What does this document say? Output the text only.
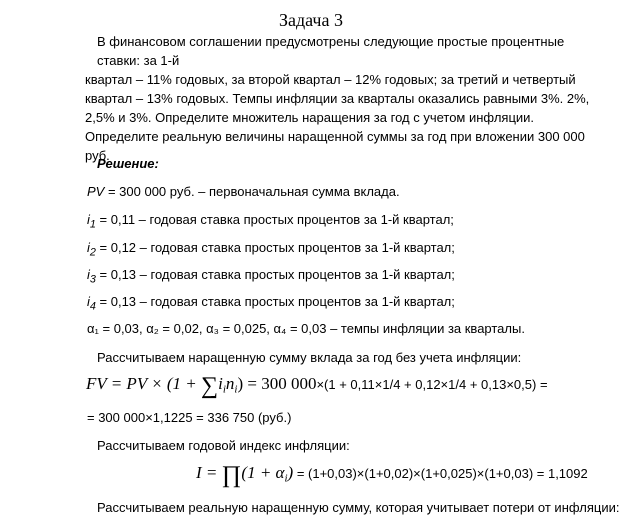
Задача 3
В финансовом соглашении предусмотрены следующие простые процентные ставки: за 1-й
квартал – 11% годовых, за второй квартал – 12% годовых; за третий и четвертый квартал – 13% годовых. Темпы инфляции за кварталы оказались равными 3%. 2%, 2,5% и 3%. Определите множитель наращения за год с учетом инфляции. Определите реальную величины наращенной суммы за год при вложении 300 000 руб.
Решение:
PV = 300 000 руб. – первоначальная сумма вклада.
$i_1 = 0,11$ – годовая ставка простых процентов за 1-й квартал;
$i_2 = 0,12$ – годовая ставка простых процентов за 1-й квартал;
$i_3 = 0,13$ – годовая ставка простых процентов за 1-й квартал;
$i_4 = 0,13$ – годовая ставка простых процентов за 1-й квартал;
α₁ = 0,03, α₂ = 0,02, α₃ = 0,025, α₄ = 0,03 – темпы инфляции за кварталы.
Рассчитываем наращенную сумму вклада за год без учета инфляции:
FV = PV × $(1 + \sum i_in_i) = 300$ 000×(1 + 0,11×1/4 + 0,12×1/4 + 0,13×0,5) =
= 300 000×1,1225 = 336 750 (руб.)
Рассчитываем годовой индекс инфляции:
I = ∏(1 + $\alpha_i) = (1+0,03)\times(1+0,02)\times(1+0,025)\times(1+0,03) = 1,1092$
Рассчитываем реальную наращенную сумму, которая учитывает потери от инфляции:
